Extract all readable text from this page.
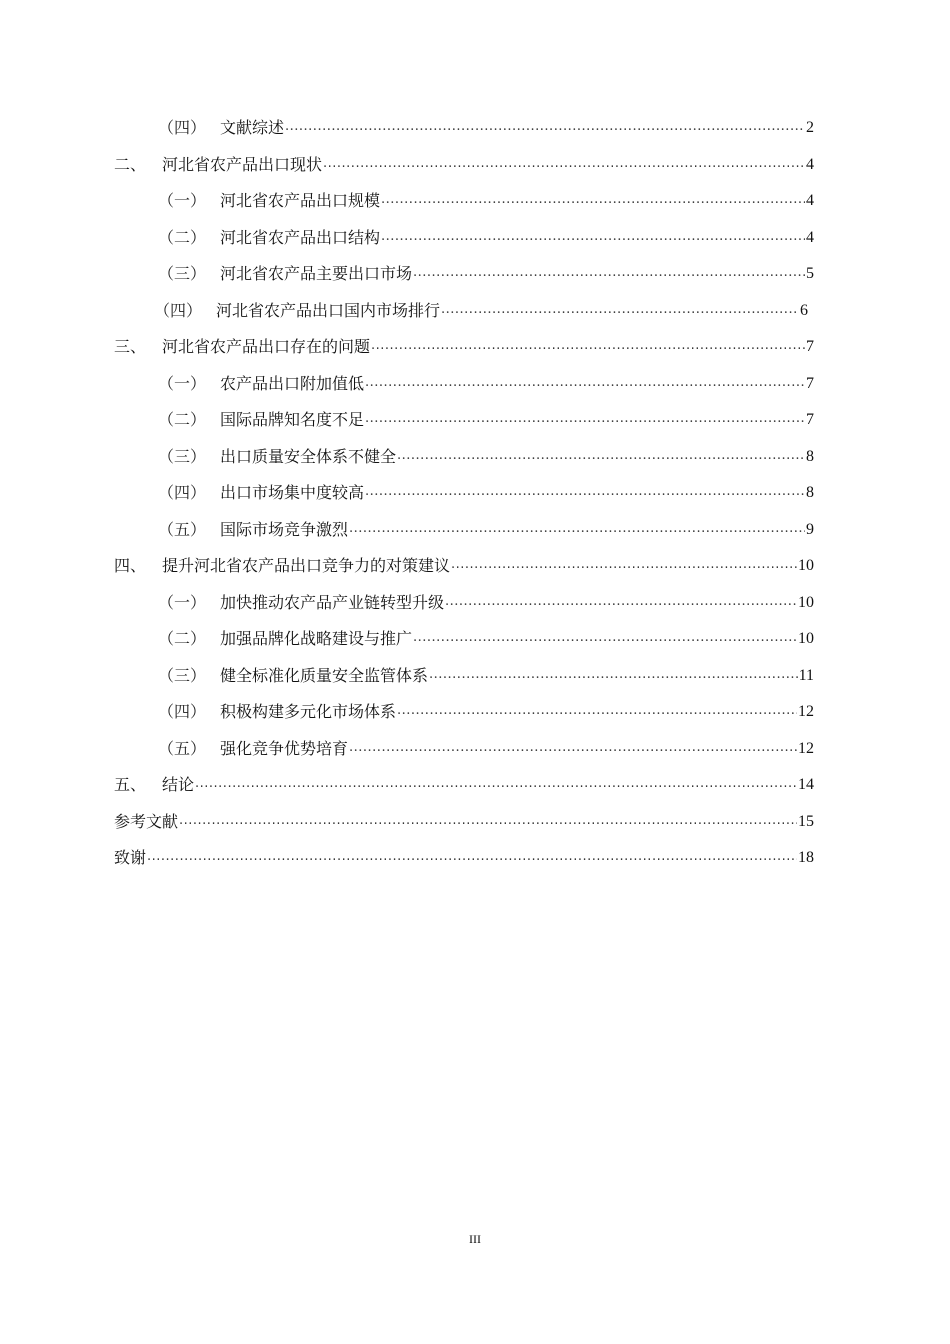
（四） 文献综述 .....	2
二、 河北省农产品出口现状 .....	4
（一） 河北省农产品出口规模 .....	4
（二） 河北省农产品出口结构 .....	4
（三） 河北省农产品主要出口市场 .....	5
（四） 河北省农产品出口国内市场排行 .....	6
三、 河北省农产品出口存在的问题 .....	7
（一） 农产品出口附加值低 .....	7
（二） 国际品牌知名度不足 .....	7
（三） 出口质量安全体系不健全 .....	8
（四） 出口市场集中度较高 .....	8
（五） 国际市场竞争激烈 .....	9
四、 提升河北省农产品出口竞争力的对策建议 .....	10
（一） 加快推动农产品产业链转型升级 .....	10
（二） 加强品牌化战略建设与推广 .....	10
（三） 健全标准化质量安全监管体系 .....	11
（四） 积极构建多元化市场体系 .....	12
（五） 强化竞争优势培育 .....	12
五、 结论 .....	14
参考文献 .....	15
致谢 .....	18
III
